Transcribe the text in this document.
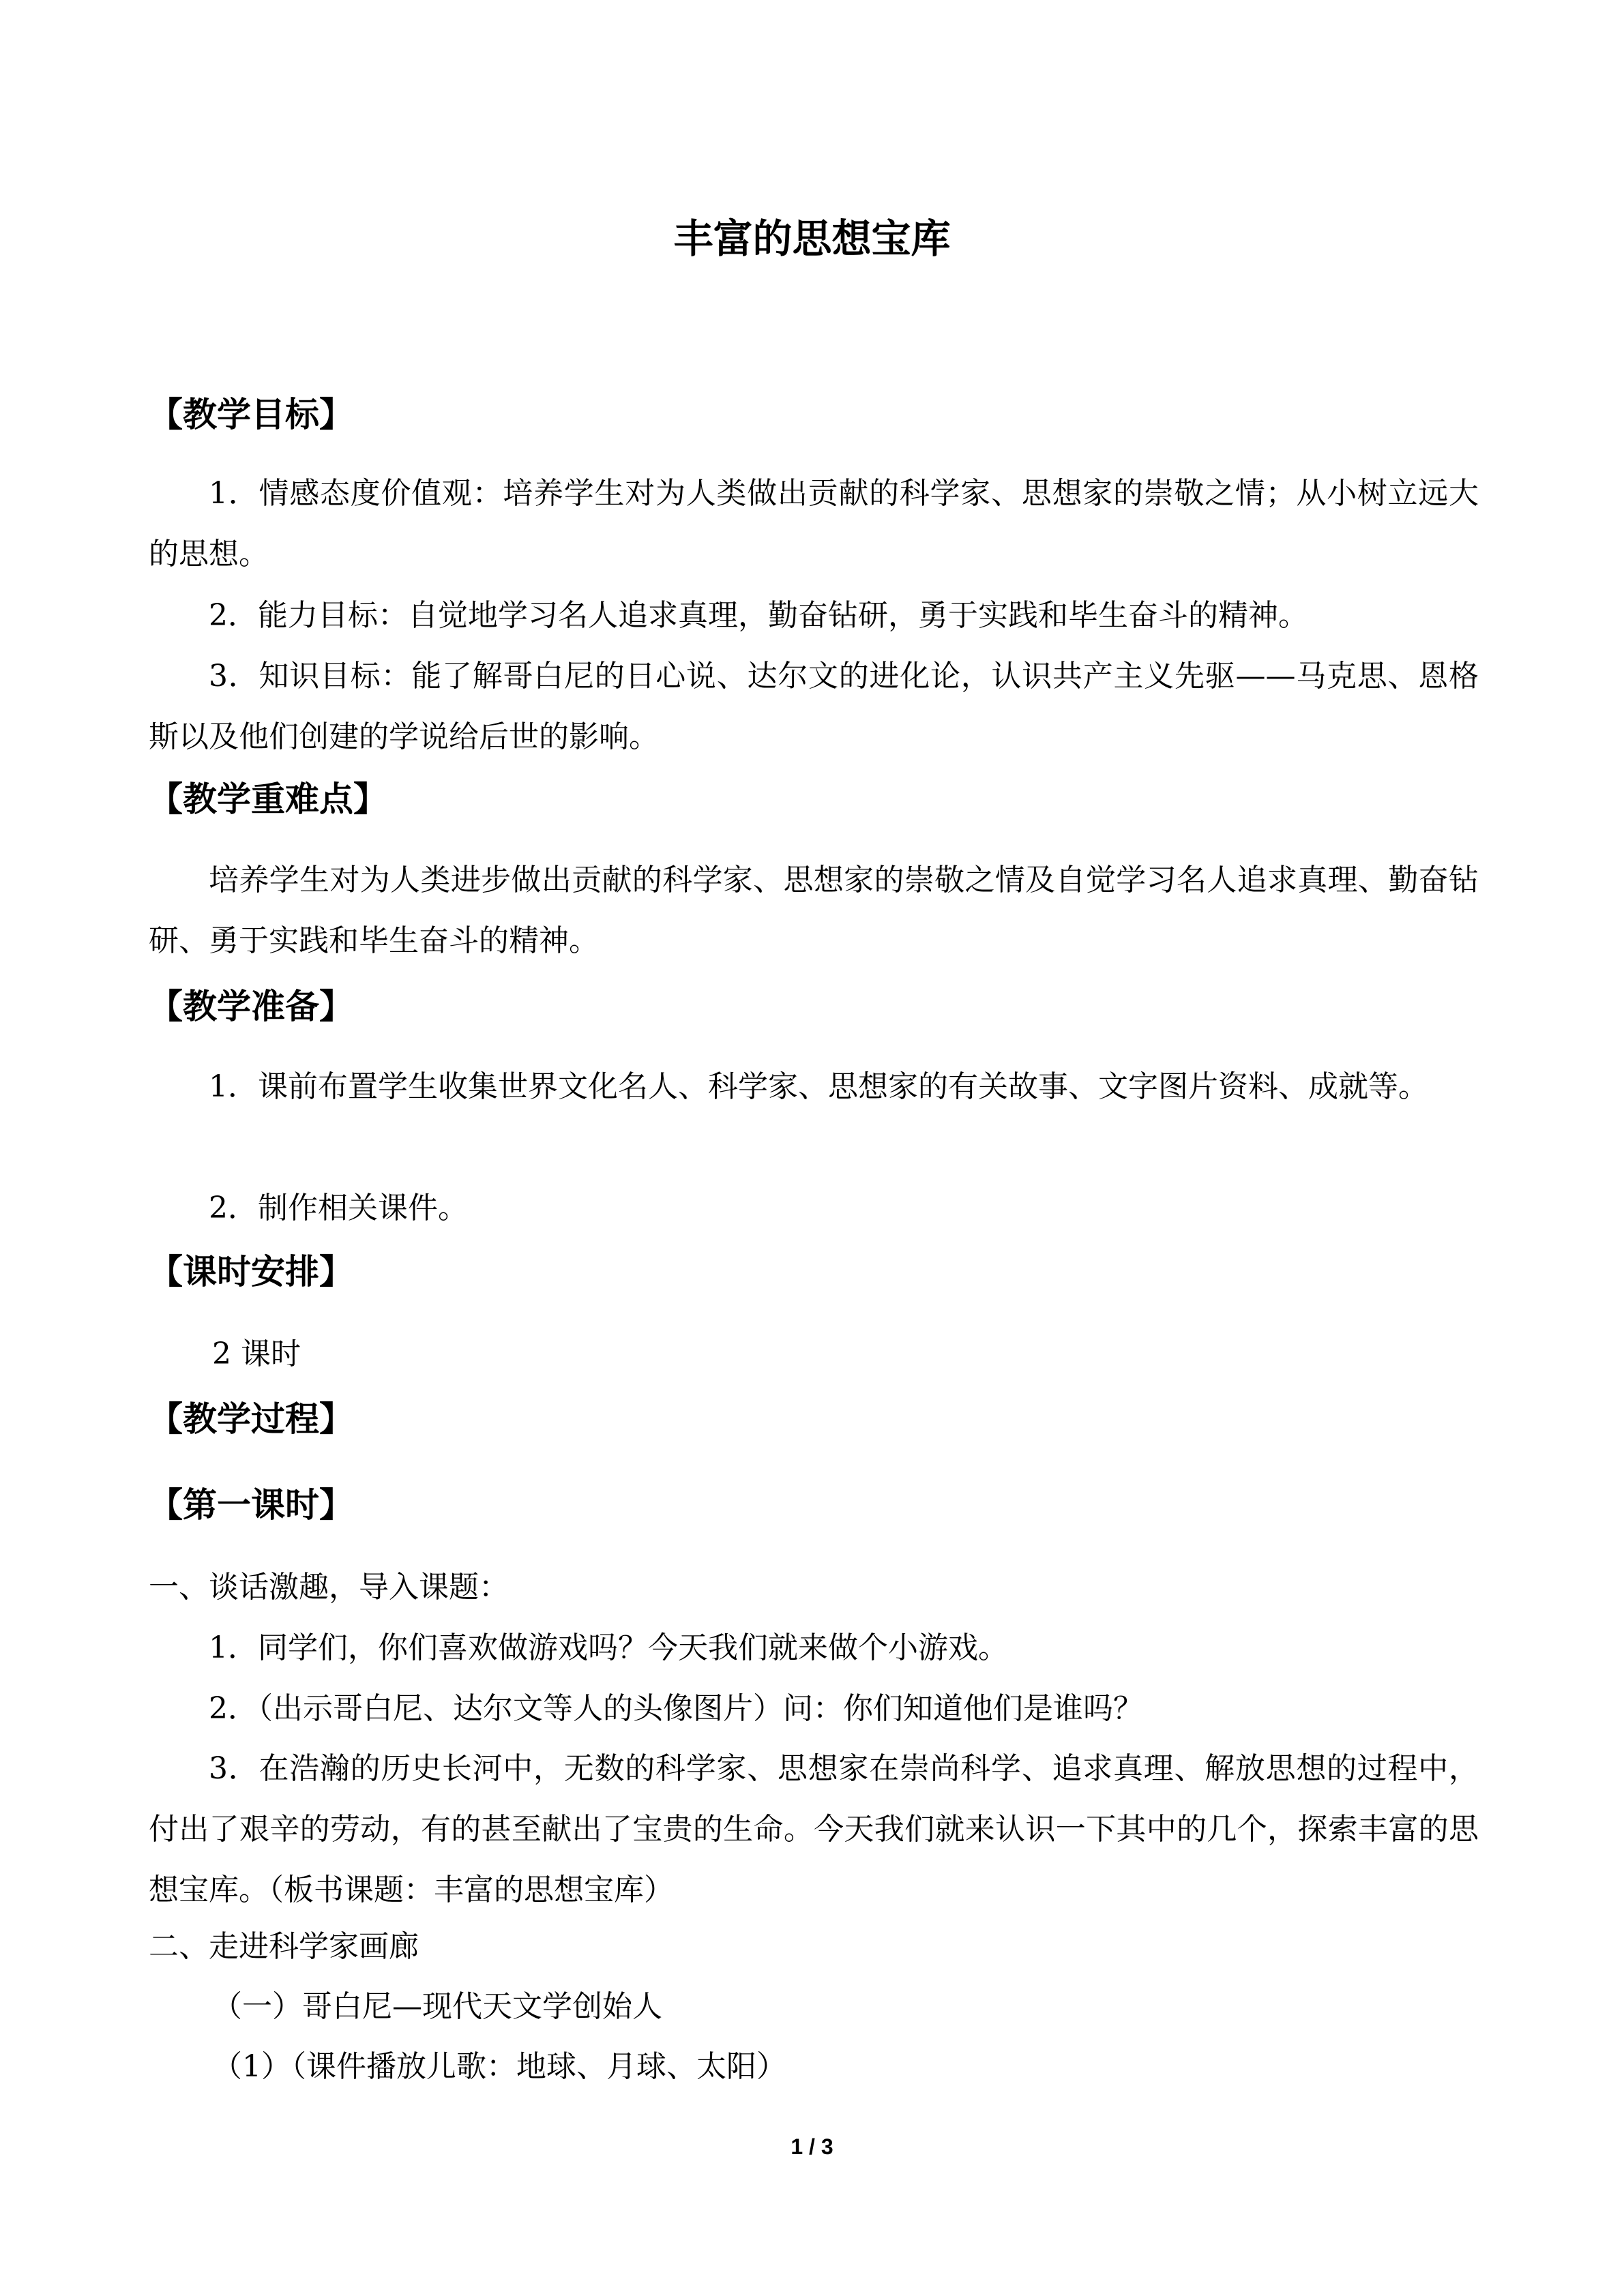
丰富的思想宝库
【教学目标】

1．情感态度价值观：培养学生对为人类做出贡献的科学家、思想家的崇敬之情；从小树立远大的思想。

2．能力目标：自觉地学习名人追求真理，勤奋钻研，勇于实践和毕生奋斗的精神。

3．知识目标：能了解哥白尼的日心说、达尔文的进化论，认识共产主义先驱——马克思、恩格斯以及他们创建的学说给后世的影响。

【教学重难点】

培养学生对为人类进步做出贡献的科学家、思想家的崇敬之情及自觉学习名人追求真理、勤奋钻研、勇于实践和毕生奋斗的精神。

【教学准备】

1．课前布置学生收集世界文化名人、科学家、思想家的有关故事、文字图片资料、成就等。

2．制作相关课件。

【课时安排】
2 课时
【教学过程】
【第一课时】
一、谈话激趣，导入课题：

1．同学们，你们喜欢做游戏吗？今天我们就来做个小游戏。

2．（出示哥白尼、达尔文等人的头像图片）问：你们知道他们是谁吗？

3．在浩瀚的历史长河中，无数的科学家、思想家在崇尚科学、追求真理、解放思想的过程中，付出了艰辛的劳动，有的甚至献出了宝贵的生命。今天我们就来认识一下其中的几个，探索丰富的思想宝库。（板书课题：丰富的思想宝库）

二、走进科学家画廊
（一）哥白尼—现代天文学创始人
（1）（课件播放儿歌：地球、月球、太阳）
1 / 3
